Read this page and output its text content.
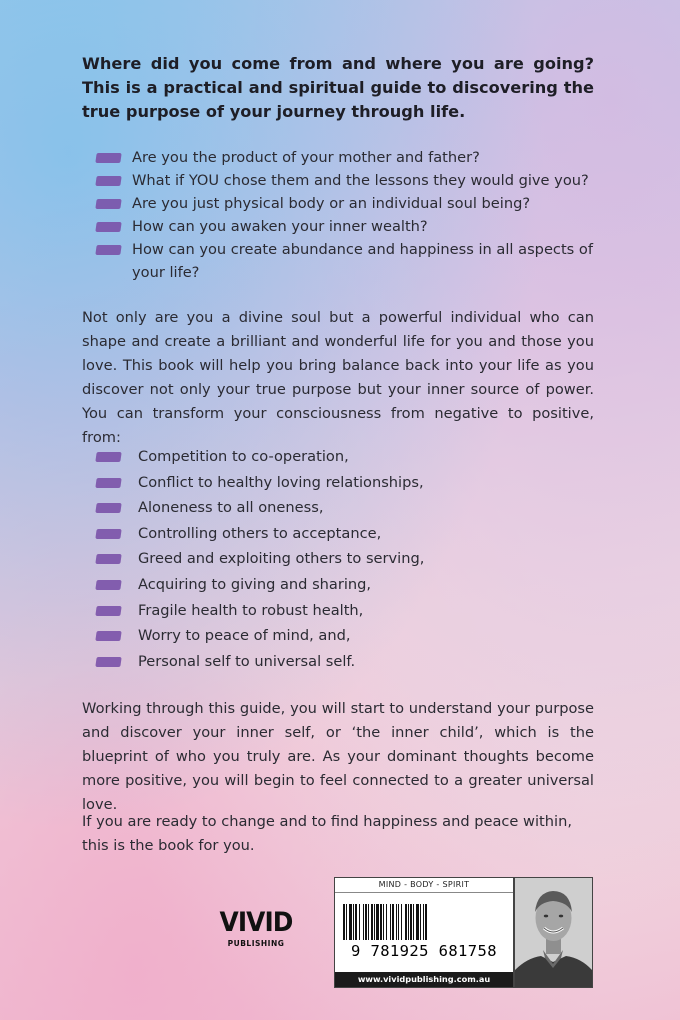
Where did you come from and where you are going? This is a practical and spiritual guide to discovering the true purpose of your journey through life.

Are you the product of your mother and father?
What if YOU chose them and the lessons they would give you?
Are you just physical body or an individual soul being?
How can you awaken your inner wealth?
How can you create abundance and happiness in all aspects of your life?

Not only are you a divine soul but a powerful individual who can shape and create a brilliant and wonderful life for you and those you love. This book will help you bring balance back into your life as you discover not only your true purpose but your inner source of power. You can transform your consciousness from negative to positive, from:

Competition to co-operation,
Conflict to healthy loving relationships,
Aloneness to all oneness,
Controlling others to acceptance,
Greed and exploiting others to serving,
Acquiring to giving and sharing,
Fragile health to robust health,
Worry to peace of mind, and,
Personal self to universal self.

Working through this guide, you will start to understand your purpose and discover your inner self, or ‘the inner child’, which is the blueprint of who you truly are. As your dominant thoughts become more positive, you will begin to feel connected to a greater universal love.

If you are ready to change and to find happiness and peace within, this is the book for you.

VIVID
PUBLISHING
MIND - BODY - SPIRIT
9 781925 681758
www.vividpublishing.com.au
